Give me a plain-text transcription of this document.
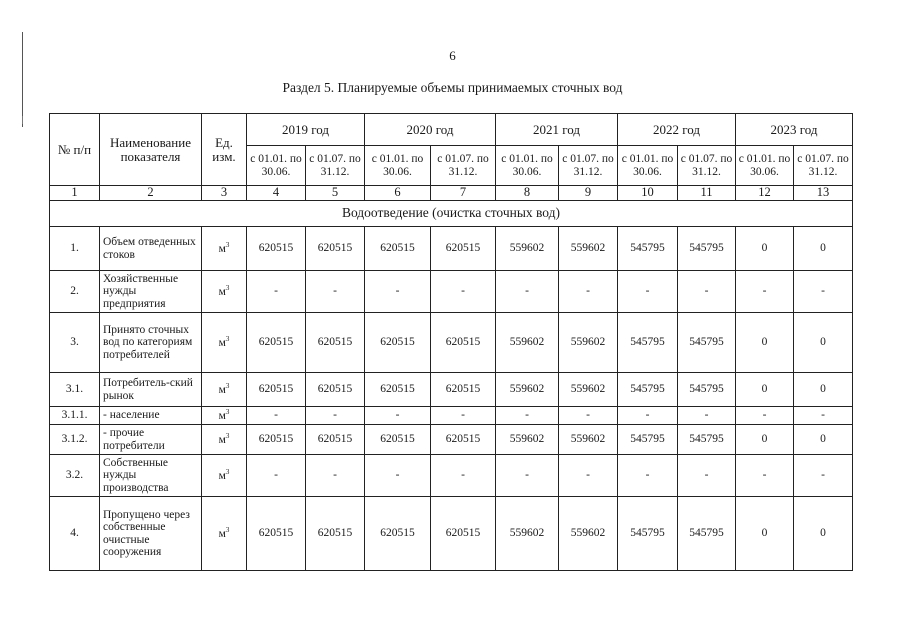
6
Раздел 5. Планируемые объемы принимаемых сточных вод
№ п/п	Наименование показателя	Ед. изм.	2019 год		2020 год		2021 год		2022 год		2023 год	
			с 01.01. по 30.06.	с 01.07. по 31.12.	с 01.01. по 30.06.	с 01.07. по 31.12.	с 01.01. по 30.06.	с 01.07. по 31.12.	с 01.01. по 30.06.	с 01.07. по 31.12.	с 01.01. по 30.06.	с 01.07. по 31.12.
1	2	3	4	5	6	7	8	9	10	11	12	13
Водоотведение (очистка сточных вод)												
1.	Объем отведенных стоков	$м^3$	620515	620515	620515	620515	559602	559602	545795	545795	0	0
2.	Хозяйственные нужды предприятия	$м^3$	-	-	-	-	-	-	-	-	-	-
3.	Принято сточных вод по категориям потребителей	$м^3$	620515	620515	620515	620515	559602	559602	545795	545795	0	0
3.1.	Потребитель-ский рынок	$м^3$	620515	620515	620515	620515	559602	559602	545795	545795	0	0
3.1.1.	- население	$м^3$	-	-	-	-	-	-	-	-	-	-
3.1.2.	- прочие потребители	$м^3$	620515	620515	620515	620515	559602	559602	545795	545795	0	0
3.2.	Собственные нужды производства	$м^3$	-	-	-	-	-	-	-	-	-	-
4.	Пропущено через собственные очистные сооружения	$м^3$	620515	620515	620515	620515	559602	559602	545795	545795	0	0
